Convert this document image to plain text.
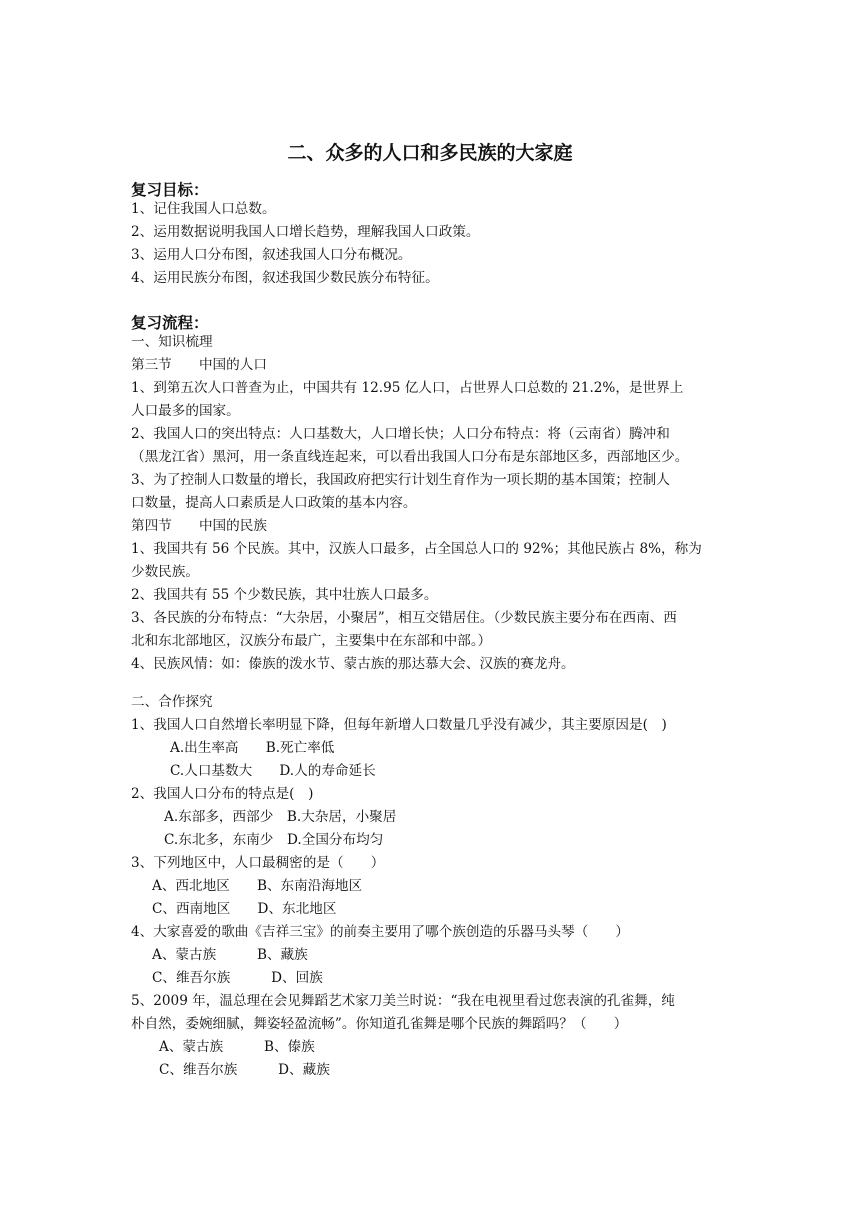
二、众多的人口和多民族的大家庭
复习目标：
1、记住我国人口总数。
2、运用数据说明我国人口增长趋势，理解我国人口政策。
3、运用人口分布图，叙述我国人口分布概况。
4、运用民族分布图，叙述我国少数民族分布特征。
复习流程：
一、知识梳理
第三节　　中国的人口
1、到第五次人口普查为止，中国共有 12.95 亿人口，占世界人口总数的 21.2%，是世界上
人口最多的国家。
2、我国人口的突出特点：人口基数大，人口增长快；人口分布特点：将（云南省）腾冲和
（黑龙江省）黑河，用一条直线连起来，可以看出我国人口分布是东部地区多，西部地区少。
3、为了控制人口数量的增长，我国政府把实行计划生育作为一项长期的基本国策；控制人
口数量，提高人口素质是人口政策的基本内容。
第四节　　中国的民族
1、我国共有 56 个民族。其中，汉族人口最多，占全国总人口的 92%；其他民族占 8%，称为
少数民族。
2、我国共有 55 个少数民族，其中壮族人口最多。
3、各民族的分布特点：“大杂居，小聚居”，相互交错居住。（少数民族主要分布在西南、西
北和东北部地区，汉族分布最广，主要集中在东部和中部。）
4、民族风情：如：傣族的泼水节、蒙古族的那达慕大会、汉族的赛龙舟。
二、合作探究
1、我国人口自然增长率明显下降，但每年新增人口数量几乎没有减少，其主要原因是(　)
A.出生率高　　B.死亡率低
C.人口基数大　　D.人的寿命延长
2、我国人口分布的特点是(　)
A.东部多，西部少　B.大杂居，小聚居
C.东北多，东南少　D.全国分布均匀
3、下列地区中，人口最稠密的是（　　）
A、西北地区　　B、东南沿海地区
C、西南地区　　D、东北地区
4、大家喜爱的歌曲《吉祥三宝》的前奏主要用了哪个族创造的乐器马头琴（　　）
A、蒙古族　　　B、藏族
C、维吾尔族　　　D、回族
5、2009 年，温总理在会见舞蹈艺术家刀美兰时说：“我在电视里看过您表演的孔雀舞，纯
朴自然，委婉细腻，舞姿轻盈流畅”。你知道孔雀舞是哪个民族的舞蹈吗？（　　）
A、蒙古族　　　B、傣族
C、维吾尔族　　　D、藏族
